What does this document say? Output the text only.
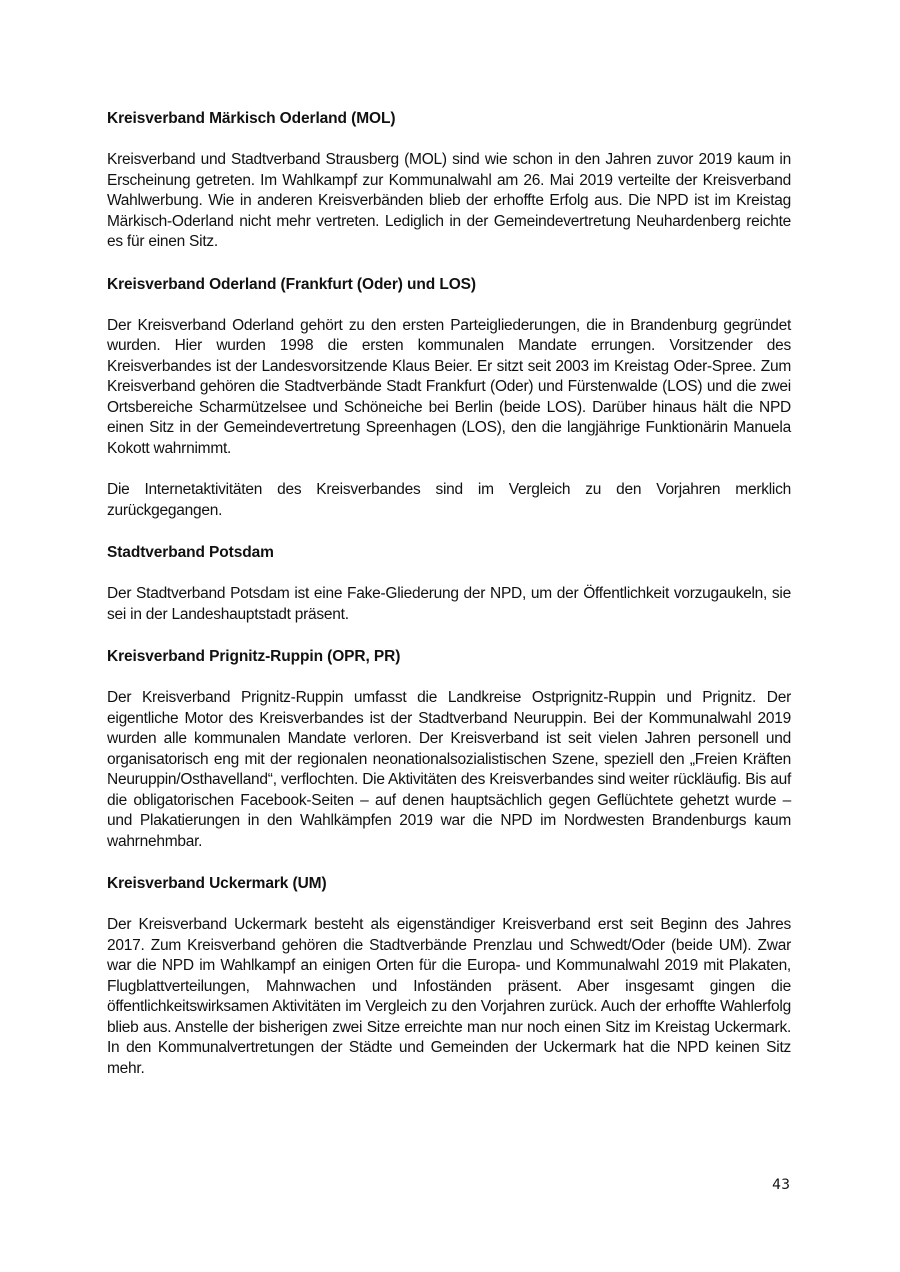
Kreisverband Märkisch Oderland (MOL)

Kreisverband und Stadtverband Strausberg (MOL) sind wie schon in den Jahren zuvor 2019 kaum in Erscheinung getreten. Im Wahlkampf zur Kommunalwahl am 26. Mai 2019 verteilte der Kreisverband Wahlwerbung. Wie in anderen Kreisverbänden blieb der erhoffte Erfolg aus. Die NPD ist im Kreistag Märkisch-Oderland nicht mehr vertreten. Lediglich in der Gemeindevertretung Neuhardenberg reichte es für einen Sitz.

Kreisverband Oderland (Frankfurt (Oder) und LOS)

Der Kreisverband Oderland gehört zu den ersten Parteigliederungen, die in Brandenburg gegründet wurden. Hier wurden 1998 die ersten kommunalen Mandate errungen. Vorsitzender des Kreisverbandes ist der Landesvorsitzende Klaus Beier. Er sitzt seit 2003 im Kreistag Oder-Spree. Zum Kreisverband gehören die Stadtverbände Stadt Frankfurt (Oder) und Fürstenwalde (LOS) und die zwei Ortsbereiche Scharmützelsee und Schöneiche bei Berlin (beide LOS). Darüber hinaus hält die NPD einen Sitz in der Gemeindevertretung Spreenhagen (LOS), den die langjährige Funktionärin Manuela Kokott wahrnimmt.

Die Internetaktivitäten des Kreisverbandes sind im Vergleich zu den Vorjahren merklich zurückgegangen.

Stadtverband Potsdam

Der Stadtverband Potsdam ist eine Fake-Gliederung der NPD, um der Öffentlichkeit vorzugaukeln, sie sei in der Landeshauptstadt präsent.

Kreisverband Prignitz-Ruppin (OPR, PR)

Der Kreisverband Prignitz-Ruppin umfasst die Landkreise Ostprignitz-Ruppin und Prignitz. Der eigentliche Motor des Kreisverbandes ist der Stadtverband Neuruppin. Bei der Kommunalwahl 2019 wurden alle kommunalen Mandate verloren. Der Kreisverband ist seit vielen Jahren personell und organisatorisch eng mit der regionalen neonationalsozialistischen Szene, speziell den „Freien Kräften Neuruppin/Osthavelland“, verflochten. Die Aktivitäten des Kreisverbandes sind weiter rückläufig. Bis auf die obligatorischen Facebook-Seiten – auf denen hauptsächlich gegen Geflüchtete gehetzt wurde – und Plakatierungen in den Wahlkämpfen 2019 war die NPD im Nordwesten Brandenburgs kaum wahrnehmbar.

Kreisverband Uckermark (UM)

Der Kreisverband Uckermark besteht als eigenständiger Kreisverband erst seit Beginn des Jahres 2017. Zum Kreisverband gehören die Stadtverbände Prenzlau und Schwedt/Oder (beide UM). Zwar war die NPD im Wahlkampf an einigen Orten für die Europa- und Kommunalwahl 2019 mit Plakaten, Flugblattverteilungen, Mahnwachen und Infoständen präsent. Aber insgesamt gingen die öffentlichkeitswirksamen Aktivitäten im Vergleich zu den Vorjahren zurück. Auch der erhoffte Wahlerfolg blieb aus. Anstelle der bisherigen zwei Sitze erreichte man nur noch einen Sitz im Kreistag Uckermark. In den Kommunalvertretungen der Städte und Gemeinden der Uckermark hat die NPD keinen Sitz mehr.

43
